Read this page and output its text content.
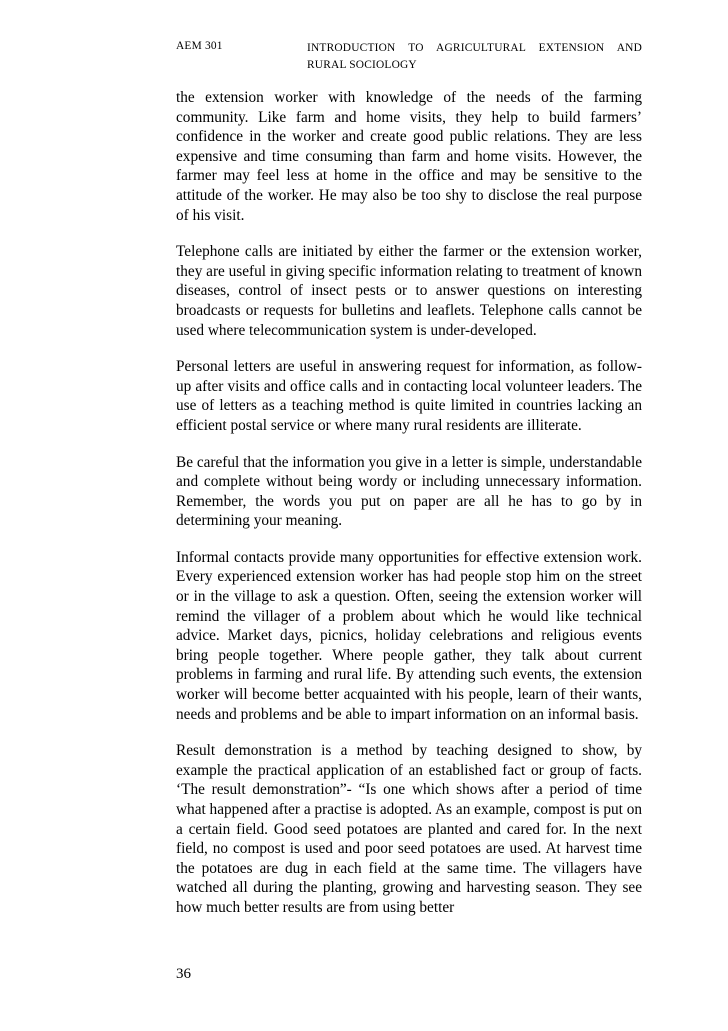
AEM 301	INTRODUCTION TO AGRICULTURAL EXTENSION AND
RURAL SOCIOLOGY

the extension worker with knowledge of the needs of the farming community. Like farm and home visits, they help to build farmers’ confidence in the worker and create good public relations. They are less expensive and time consuming than farm and home visits. However, the farmer may feel less at home in the office and may be sensitive to the attitude of the worker. He may also be too shy to disclose the real purpose of his visit.

Telephone calls are initiated by either the farmer or the extension worker, they are useful in giving specific information relating to treatment of known diseases, control of insect pests or to answer questions on interesting broadcasts or requests for bulletins and leaflets. Telephone calls cannot be used where telecommunication system is under-developed.

Personal letters are useful in answering request for information, as follow-up after visits and office calls and in contacting local volunteer leaders. The use of letters as a teaching method is quite limited in countries lacking an efficient postal service or where many rural residents are illiterate.

Be careful that the information you give in a letter is simple, understandable and complete without being wordy or including unnecessary information. Remember, the words you put on paper are all he has to go by in determining your meaning.

Informal contacts provide many opportunities for effective extension work. Every experienced extension worker has had people stop him on the street or in the village to ask a question. Often, seeing the extension worker will remind the villager of a problem about which he would like technical advice. Market days, picnics, holiday celebrations and religious events bring people together. Where people gather, they talk about current problems in farming and rural life. By attending such events, the extension worker will become better acquainted with his people, learn of their wants, needs and problems and be able to impart information on an informal basis.

Result demonstration is a method by teaching designed to show, by example the practical application of an established fact or group of facts. ‘The result demonstration”- “Is one which shows after a period of time what happened after a practise is adopted. As an example, compost is put on a certain field. Good seed potatoes are planted and cared for. In the next field, no compost is used and poor seed potatoes are used. At harvest time the potatoes are dug in each field at the same time. The villagers have watched all during the planting, growing and harvesting season. They see how much better results are from using better

36
